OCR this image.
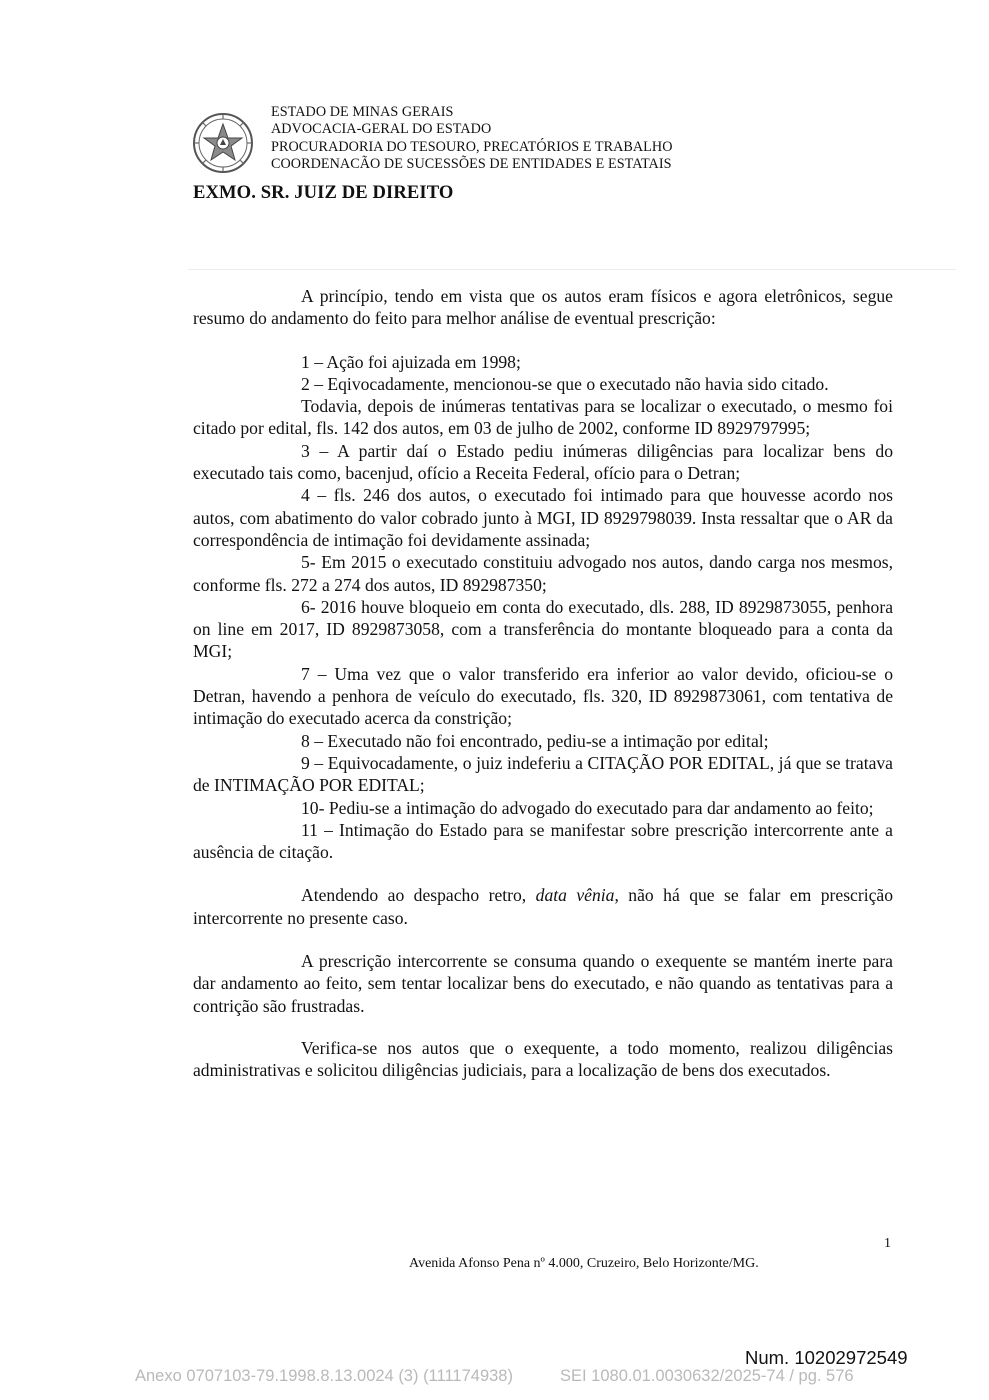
ESTADO DE MINAS GERAIS
ADVOCACIA-GERAL DO ESTADO
PROCURADORIA DO TESOURO, PRECATÓRIOS E TRABALHO
COORDENACÃO DE SUCESSÕES DE ENTIDADES E ESTATAIS
EXMO. SR. JUIZ DE DIREITO

A princípio, tendo em vista que os autos eram físicos e agora eletrônicos, segue resumo do andamento do feito para melhor análise de eventual prescrição:

1 – Ação foi ajuizada em 1998;

2 – Eqivocadamente, mencionou-se que o executado não havia sido citado.

Todavia, depois de inúmeras tentativas para se localizar o executado, o mesmo foi citado por edital, fls. 142 dos autos, em 03 de julho de 2002, conforme ID 8929797995;

3 – A partir daí o Estado pediu inúmeras diligências para localizar bens do executado tais como, bacenjud, ofício a Receita Federal, ofício para o Detran;

4 – fls. 246 dos autos, o executado foi intimado para que houvesse acordo nos autos, com abatimento do valor cobrado junto à MGI, ID 8929798039. Insta ressaltar que o AR da correspondência de intimação foi devidamente assinada;

5- Em 2015 o executado constituiu advogado nos autos, dando carga nos mesmos, conforme fls. 272 a 274 dos autos, ID 892987350;

6- 2016 houve bloqueio em conta do executado, dls. 288, ID 8929873055, penhora on line em 2017, ID 8929873058, com a transferência do montante bloqueado para a conta da MGI;

7 – Uma vez que o valor transferido era inferior ao valor devido, oficiou-se o Detran, havendo a penhora de veículo do executado, fls. 320, ID 8929873061, com tentativa de intimação do executado acerca da constrição;

8 – Executado não foi encontrado, pediu-se a intimação por edital;

9 – Equivocadamente, o juiz indeferiu a CITAÇÃO POR EDITAL, já que se tratava de INTIMAÇÃO POR EDITAL;

10- Pediu-se a intimação do advogado do executado para dar andamento ao feito;

11 – Intimação do Estado para se manifestar sobre prescrição intercorrente ante a ausência de citação.

Atendendo ao despacho retro, data vênia, não há que se falar em prescrição intercorrente no presente caso.

A prescrição intercorrente se consuma quando o exequente se mantém inerte para dar andamento ao feito, sem tentar localizar bens do executado, e não quando as tentativas para a contrição são frustradas.

Verifica-se nos autos que o exequente, a todo momento, realizou diligências administrativas e solicitou diligências judiciais, para a localização de bens dos executados.

1
Avenida Afonso Pena nº 4.000, Cruzeiro, Belo Horizonte/MG.
Num. 10202972549
Anexo 0707103-79.1998.8.13.0024 (3) (111174938)	SEI 1080.01.0030632/2025-74 / pg. 576
